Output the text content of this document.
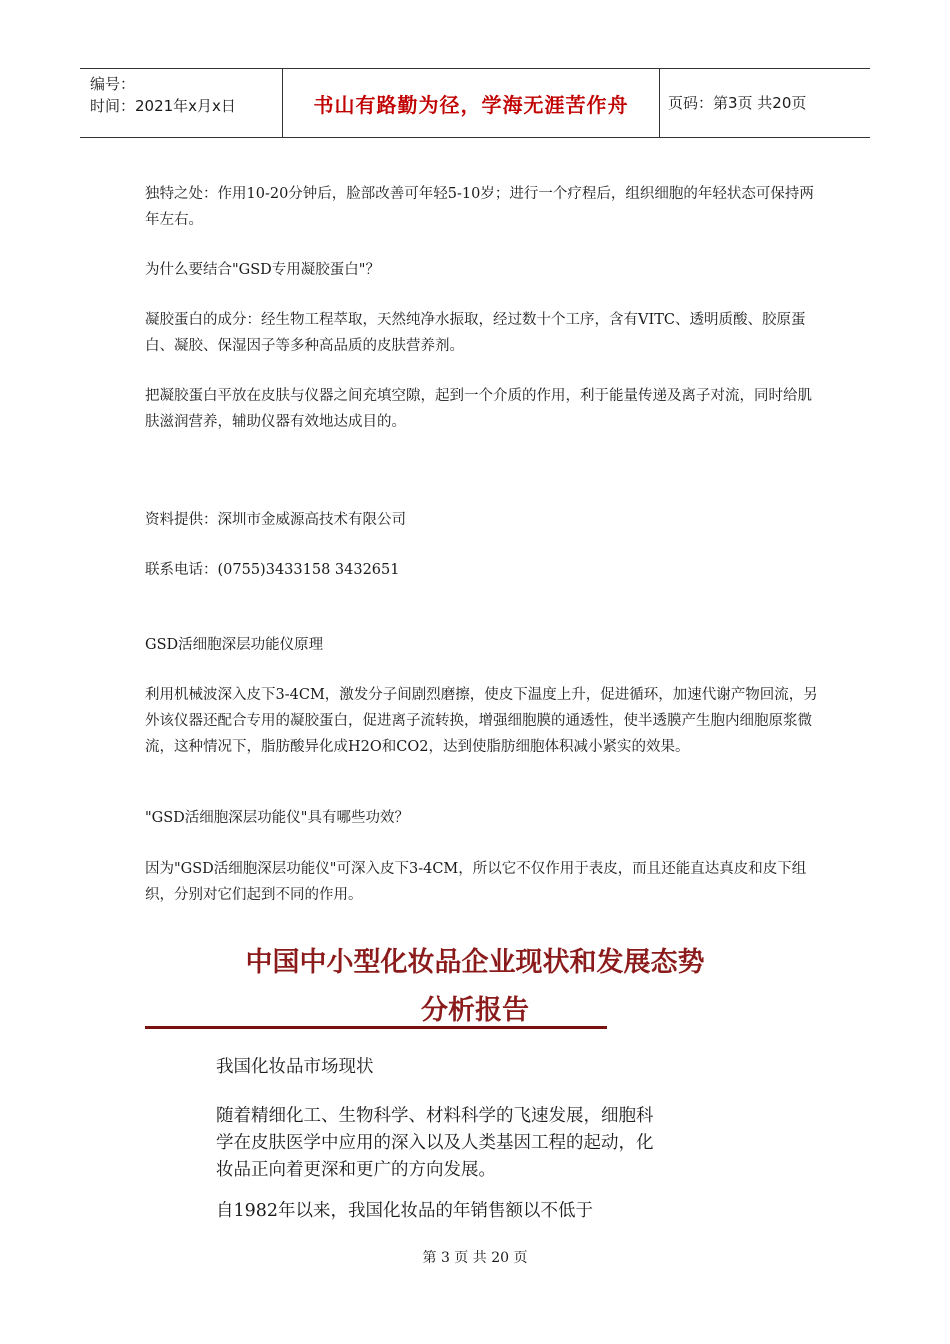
编号：
时间：2021年x月x日	书山有路勤为径，学海无涯苦作舟	页码：第3页 共20页

独特之处：作用10-20分钟后，脸部改善可年轻5-10岁；进行一个疗程后，组织细胞的年轻状态可保持两年左右。

为什么要结合"GSD专用凝胶蛋白"？

凝胶蛋白的成分：经生物工程萃取，天然纯净水振取，经过数十个工序，含有VITC、透明质酸、胶原蛋白、凝胶、保湿因子等多种高品质的皮肤营养剂。

把凝胶蛋白平放在皮肤与仪器之间充填空隙，起到一个介质的作用，利于能量传递及离子对流，同时给肌肤滋润营养，辅助仪器有效地达成目的。

资料提供：深圳市金威源高技术有限公司

联系电话：(0755)3433158 3432651

GSD活细胞深层功能仪原理

利用机械波深入皮下3-4CM，激发分子间剧烈磨擦，使皮下温度上升，促进循环，加速代谢产物回流，另外该仪器还配合专用的凝胶蛋白，促进离子流转换，增强细胞膜的通透性，使半透膜产生胞内细胞原浆微流，这种情况下，脂肪酸异化成H2O和CO2，达到使脂肪细胞体积减小紧实的效果。

"GSD活细胞深层功能仪"具有哪些功效？

因为"GSD活细胞深层功能仪"可深入皮下3-4CM，所以它不仅作用于表皮，而且还能直达真皮和皮下组织，分别对它们起到不同的作用。

中国中小型化妆品企业现状和发展态势
分析报告

我国化妆品市场现状

随着精细化工、生物科学、材料科学的飞速发展，细胞科学在皮肤医学中应用的深入以及人类基因工程的起动，化妆品正向着更深和更广的方向发展。

自1982年以来，我国化妆品的年销售额以不低于

第 3 页 共 20 页
